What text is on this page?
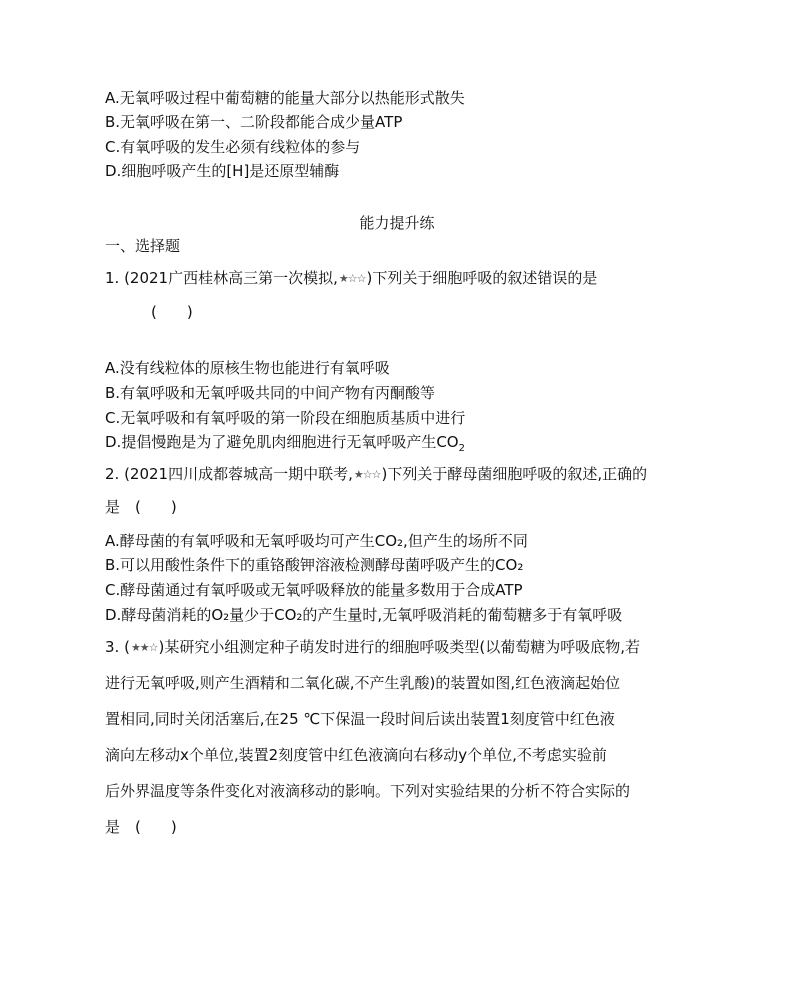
A.无氧呼吸过程中葡萄糖的能量大部分以热能形式散失
B.无氧呼吸在第一、二阶段都能合成少量ATP
C.有氧呼吸的发生必须有线粒体的参与
D.细胞呼吸产生的[H]是还原型辅酶
能力提升练
一、选择题
1. (2021广西桂林高三第一次模拟,★☆☆)下列关于细胞呼吸的叙述错误的是
(　　)
A.没有线粒体的原核生物也能进行有氧呼吸
B.有氧呼吸和无氧呼吸共同的中间产物有丙酮酸等
C.无氧呼吸和有氧呼吸的第一阶段在细胞质基质中进行
D.提倡慢跑是为了避免肌肉细胞进行无氧呼吸产生$CO_2$
2. (2021四川成都蓉城高一期中联考,★☆☆)下列关于酵母菌细胞呼吸的叙述,正确的
是　(　　)
A.酵母菌的有氧呼吸和无氧呼吸均可产生CO₂,但产生的场所不同
B.可以用酸性条件下的重铬酸钾溶液检测酵母菌呼吸产生的CO₂
C.酵母菌通过有氧呼吸或无氧呼吸释放的能量多数用于合成ATP
D.酵母菌消耗的O₂量少于CO₂的产生量时,无氧呼吸消耗的葡萄糖多于有氧呼吸
3. (★★☆)某研究小组测定种子萌发时进行的细胞呼吸类型(以葡萄糖为呼吸底物,若
进行无氧呼吸,则产生酒精和二氧化碳,不产生乳酸)的装置如图,红色液滴起始位
置相同,同时关闭活塞后,在25 ℃下保温一段时间后读出装置1刻度管中红色液
滴向左移动x个单位,装置2刻度管中红色液滴向右移动y个单位,不考虑实验前
后外界温度等条件变化对液滴移动的影响。下列对实验结果的分析不符合实际的
是　(　　)
